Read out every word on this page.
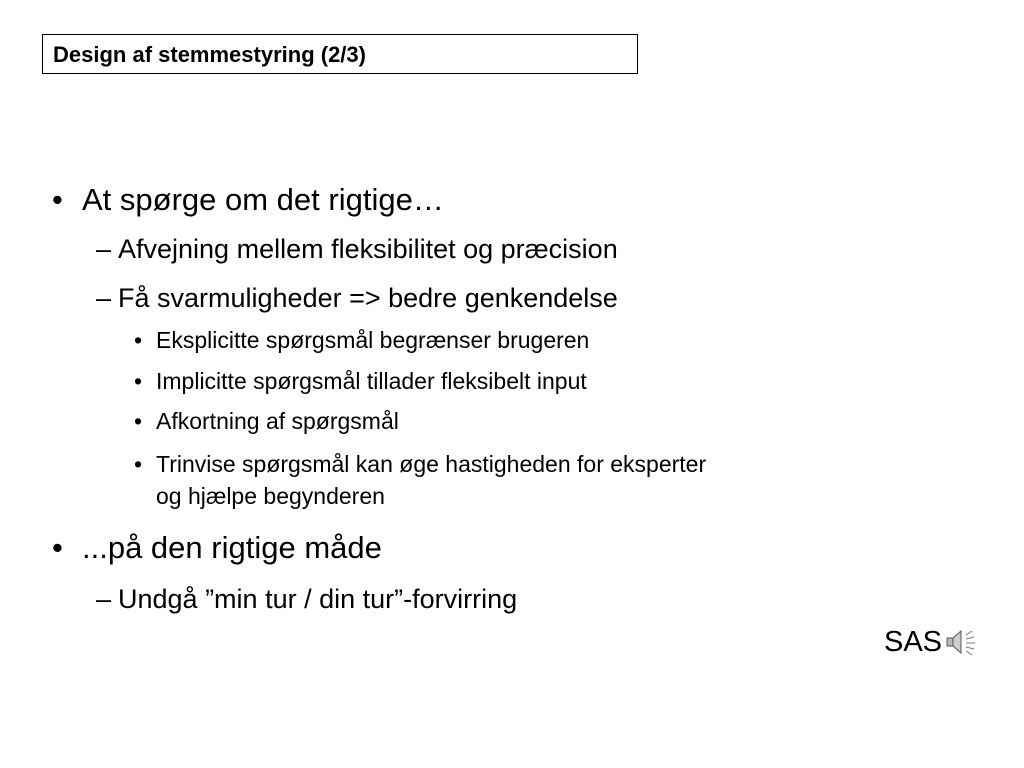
Design af stemmestyring (2/3)
• At spørge om det rigtige…
– Afvejning mellem fleksibilitet og præcision
– Få svarmuligheder => bedre genkendelse
• Eksplicitte spørgsmål begrænser brugeren
• Implicitte spørgsmål tillader fleksibelt input
• Afkortning af spørgsmål
• Trinvise spørgsmål kan øge hastigheden for eksperter
og hjælpe begynderen
• ...på den rigtige måde
– Undgå ”min tur / din tur”-forvirring
SAS
